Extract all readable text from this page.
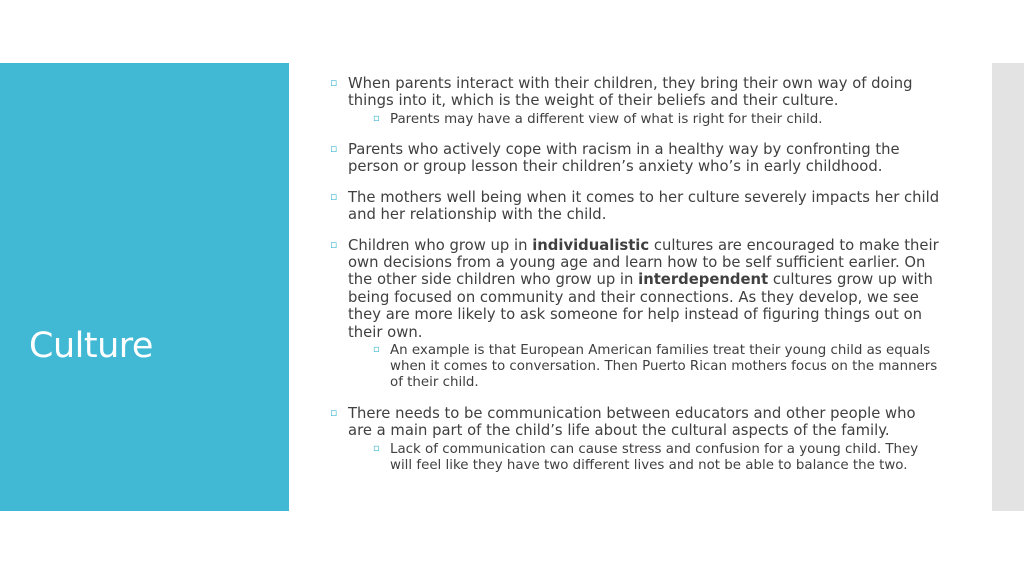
Culture
▫ When parents interact with their children, they bring their own way of doing things into it, which is the weight of their beliefs and their culture.
▫ Parents may have a different view of what is right for their child.
▫ Parents who actively cope with racism in a healthy way by confronting the person or group lesson their children’s anxiety who’s in early childhood.
▫ The mothers well being when it comes to her culture severely impacts her child and her relationship with the child.
▫ Children who grow up in individualistic cultures are encouraged to make their own decisions from a young age and learn how to be self sufficient earlier. On the other side children who grow up in interdependent cultures grow up with being focused on community and their connections. As they develop, we see they are more likely to ask someone for help instead of figuring things out on their own.
▫ An example is that European American families treat their young child as equals when it comes to conversation. Then Puerto Rican mothers focus on the manners of their child.
▫ There needs to be communication between educators and other people who are a main part of the child’s life about the cultural aspects of the family.
▫ Lack of communication can cause stress and confusion for a young child. They will feel like they have two different lives and not be able to balance the two.
